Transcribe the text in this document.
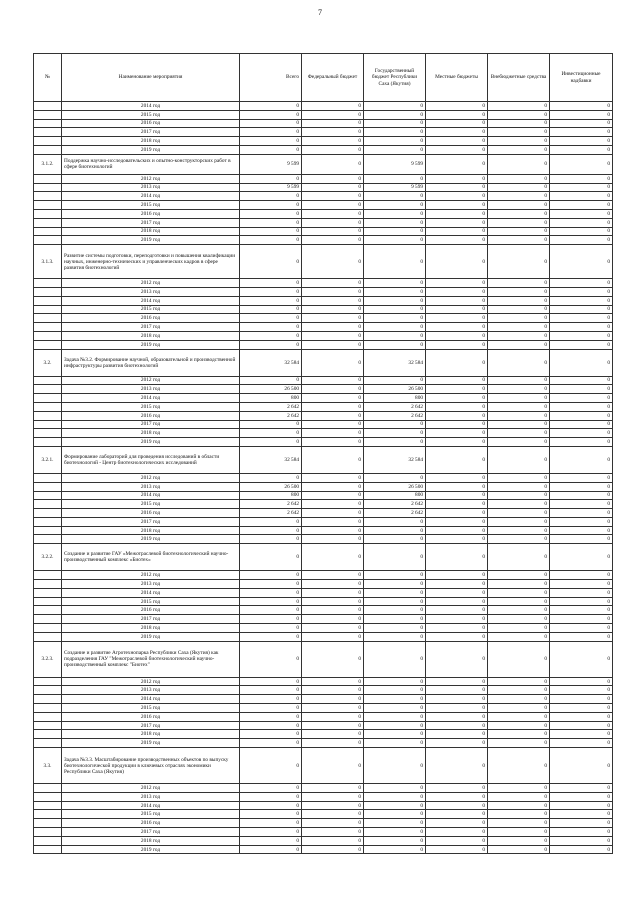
7
№	Наименование мероприятия	Всего	Федеральный бюджет	Государственный бюджет Республики Саха (Якутия)	Местные бюджеты	Внебюджетные средства	Инвестиционные надбавки
	2014 год	0	0	0	0	0	0
	2015 год	0	0	0	0	0	0
	2016 год	0	0	0	0	0	0
	2017 год	0	0	0	0	0	0
	2018 год	0	0	0	0	0	0
	2019 год	0	0	0	0	0	0
3.1.2.	Поддержка научно-исследовательских и опытно-конструкторских работ в сфере биотехнологий	9 599	0	9 599	0	0	0
	2012 год	0	0	0	0	0	0
	2013 год	9 599	0	9 599	0	0	0
	2014 год	0	0	0	0	0	0
	2015 год	0	0	0	0	0	0
	2016 год	0	0	0	0	0	0
	2017 год	0	0	0	0	0	0
	2018 год	0	0	0	0	0	0
	2019 год	0	0	0	0	0	0
3.1.3.	Развитие системы подготовки, переподготовки и повышения квалификации научных, инженерно-технических и управленческих кадров в сфере развития биотехнологий	0	0	0	0	0	0
	2012 год	0	0	0	0	0	0
	2013 год	0	0	0	0	0	0
	2014 год	0	0	0	0	0	0
	2015 год	0	0	0	0	0	0
	2016 год	0	0	0	0	0	0
	2017 год	0	0	0	0	0	0
	2018 год	0	0	0	0	0	0
	2019 год	0	0	0	0	0	0
3.2.	Задача №3.2. Формирование научной, образовательной и производственной инфраструктуры развития биотехнологий	32 584	0	32 584	0	0	0
	2012 год	0	0	0	0	0	0
	2013 год	26 500	0	26 500	0	0	0
	2014 год	800	0	800	0	0	0
	2015 год	2 642	0	2 642	0	0	0
	2016 год	2 642	0	2 642	0	0	0
	2017 год	0	0	0	0	0	0
	2018 год	0	0	0	0	0	0
	2019 год	0	0	0	0	0	0
3.2.1.	Формирование лабораторий для проведения исследований в области биотехнологий - Центр биотехнологических исследований	32 584	0	32 584	0	0	0
	2012 год	0	0	0	0	0	0
	2013 год	26 500	0	26 500	0	0	0
	2014 год	800	0	800	0	0	0
	2015 год	2 642	0	2 642	0	0	0
	2016 год	2 642	0	2 642	0	0	0
	2017 год	0	0	0	0	0	0
	2018 год	0	0	0	0	0	0
	2019 год	0	0	0	0	0	0
3.2.2.	Создание и развитие ГАУ «Межотраслевой биотехнологический научно-производственный комплекс «Биотех»	0	0	0	0	0	0
	2012 год	0	0	0	0	0	0
	2013 год	0	0	0	0	0	0
	2014 год	0	0	0	0	0	0
	2015 год	0	0	0	0	0	0
	2016 год	0	0	0	0	0	0
	2017 год	0	0	0	0	0	0
	2018 год	0	0	0	0	0	0
	2019 год	0	0	0	0	0	0
3.2.3.	Создание и развитие Агротехнопарка Республики Саха (Якутия) как подразделения ГАУ "Межотраслевой биотехнологический научно-производственный комплекс "Биотех"	0	0	0	0	0	0
	2012 год	0	0	0	0	0	0
	2013 год	0	0	0	0	0	0
	2014 год	0	0	0	0	0	0
	2015 год	0	0	0	0	0	0
	2016 год	0	0	0	0	0	0
	2017 год	0	0	0	0	0	0
	2018 год	0	0	0	0	0	0
	2019 год	0	0	0	0	0	0
3.3.	Задача №3.3. Масштабирование производственных объектов по выпуску биотехнологической продукции в ключевых отраслях экономики Республики Саха (Якутия)	0	0	0	0	0	0
	2012 год	0	0	0	0	0	0
	2013 год	0	0	0	0	0	0
	2014 год	0	0	0	0	0	0
	2015 год	0	0	0	0	0	0
	2016 год	0	0	0	0	0	0
	2017 год	0	0	0	0	0	0
	2018 год	0	0	0	0	0	0
	2019 год	0	0	0	0	0	0
